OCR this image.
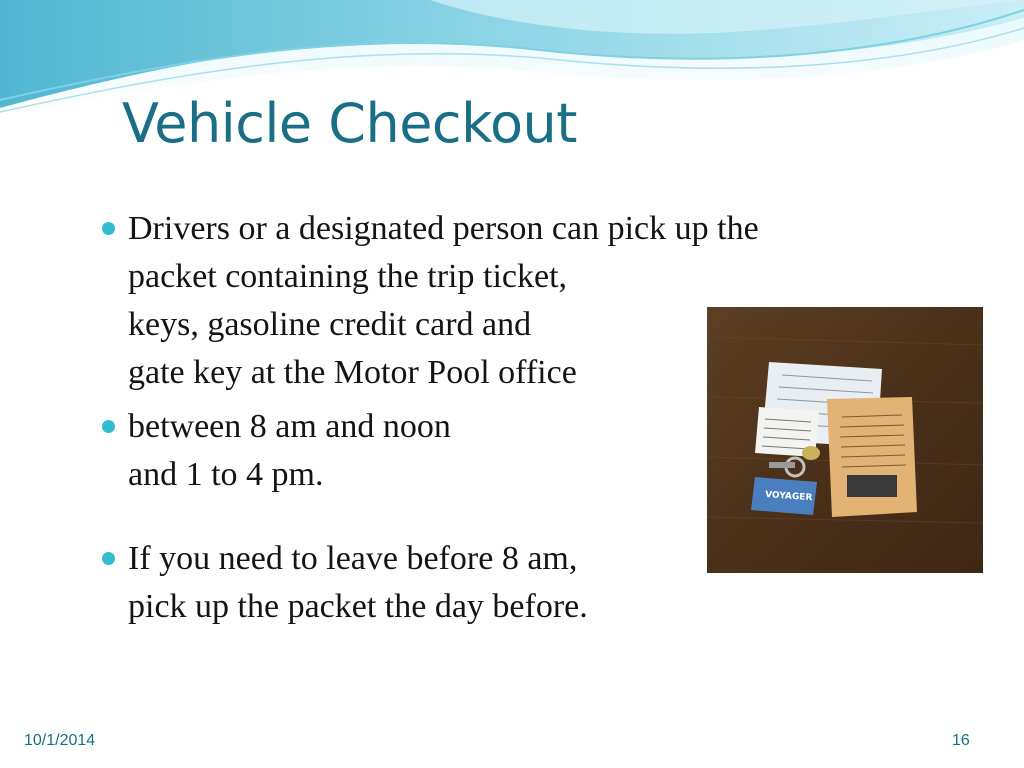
Vehicle Checkout
Drivers or a designated person can pick up the
packet containing the trip ticket,
keys, gasoline credit card and
gate key at the Motor Pool office
between 8 am and noon
and 1 to 4 pm.
If you need to leave before 8 am,
pick up the packet the day before.
VOYAGER
10/1/2014	16
